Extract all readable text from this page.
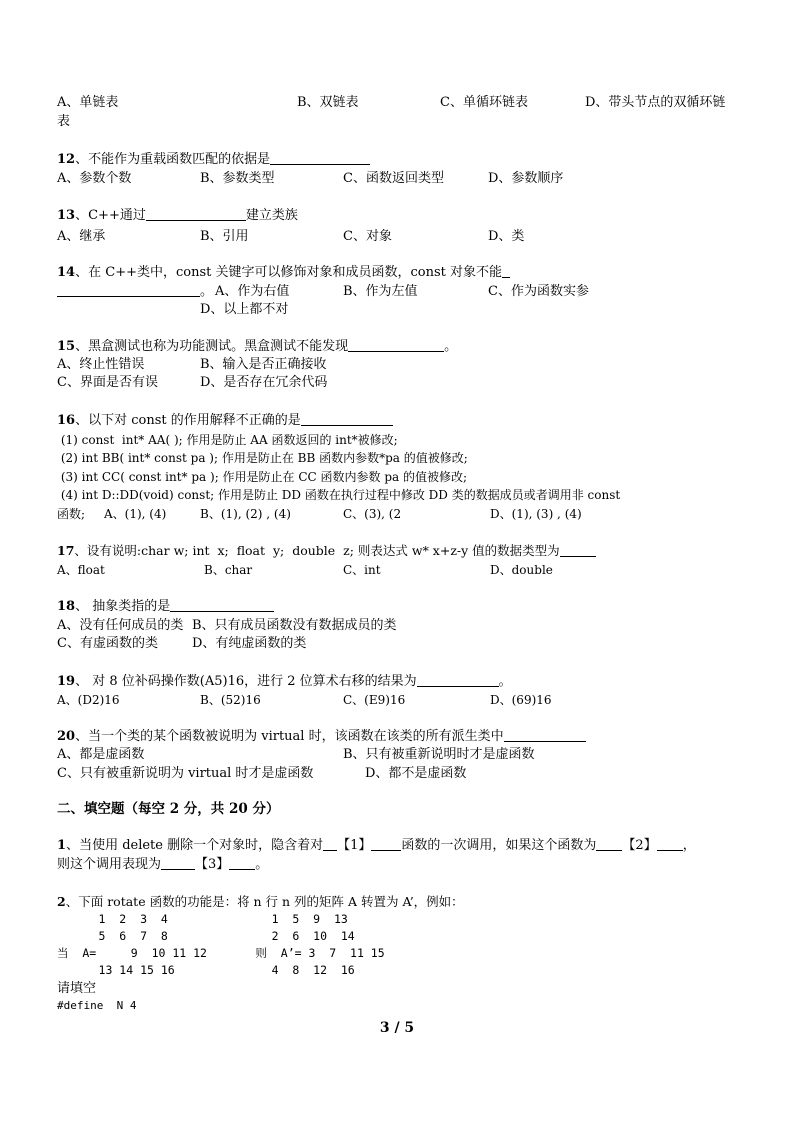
A、单链表	B、双链表	C、单循环链表	D、带头节点的双循环链
表
12、不能作为重载函数匹配的依据是
A、参数个数	B、参数类型	C、函数返回类型	D、参数顺序
13、C++通过	建立类族
A、继承	B、引用	C、对象	D、类
14、在 C++类中，const 关键字可以修饰对象和成员函数，const 对象不能
。 A、作为右值	B、作为左值	C、作为函数实参
D、以上都不对
15、黑盒测试也称为功能测试。黑盒测试不能发现	。
A、终止性错误	B、输入是否正确接收
C、界面是否有误	D、是否存在冗余代码
16、以下对 const 的作用解释不正确的是
(1) const  int* AA( ); 作用是防止 AA 函数返回的 int*被修改;
(2) int BB( int* const pa ); 作用是防止在 BB 函数内参数*pa 的值被修改;
(3) int CC( const int* pa ); 作用是防止在 CC 函数内参数 pa 的值被修改;
(4) int D::DD(void) const; 作用是防止 DD 函数在执行过程中修改 DD 类的数据成员或者调用非 const
函数; A、(1), (4)	B、(1), (2) , (4)	C、(3), (2	D、(1), (3) , (4)
17、设有说明:char w; int  x;  float  y;  double  z; 则表达式 w* x+z-y 值的数据类型为
A、float	B、char	C、int	D、double
18、 抽象类指的是
A、没有任何成员的类 B、只有成员函数没有数据成员的类
C、有虚函数的类	D、有纯虚函数的类
19、 对 8 位补码操作数(A5)16，进行 2 位算术右移的结果为	。
A、(D2)16	B、(52)16	C、(E9)16	D、(69)16
20、当一个类的某个函数被说明为 virtual 时，该函数在该类的所有派生类中
A、都是虚函数	B、只有被重新说明时才是虚函数
C、只有被重新说明为 virtual 时才是虚函数	D、都不是虚函数
二、填空题（每空 2 分，共 20 分）
1、当使用 delete 删除一个对象时，隐含着对 【1】 函数的一次调用，如果这个函数为 【2】 ，
则这个调用表现为	【3】 。
2、下面 rotate 函数的功能是：将 n 行 n 列的矩阵 A 转置为 A’，例如：
1  2  3  4               1  5  9  13
5  6  7  8               2  6  10  14
当  A=     9  10 11 12       则  A’= 3  7  11 15
13 14 15 16              4  8  12  16
请填空
#define  N 4
3 / 5
